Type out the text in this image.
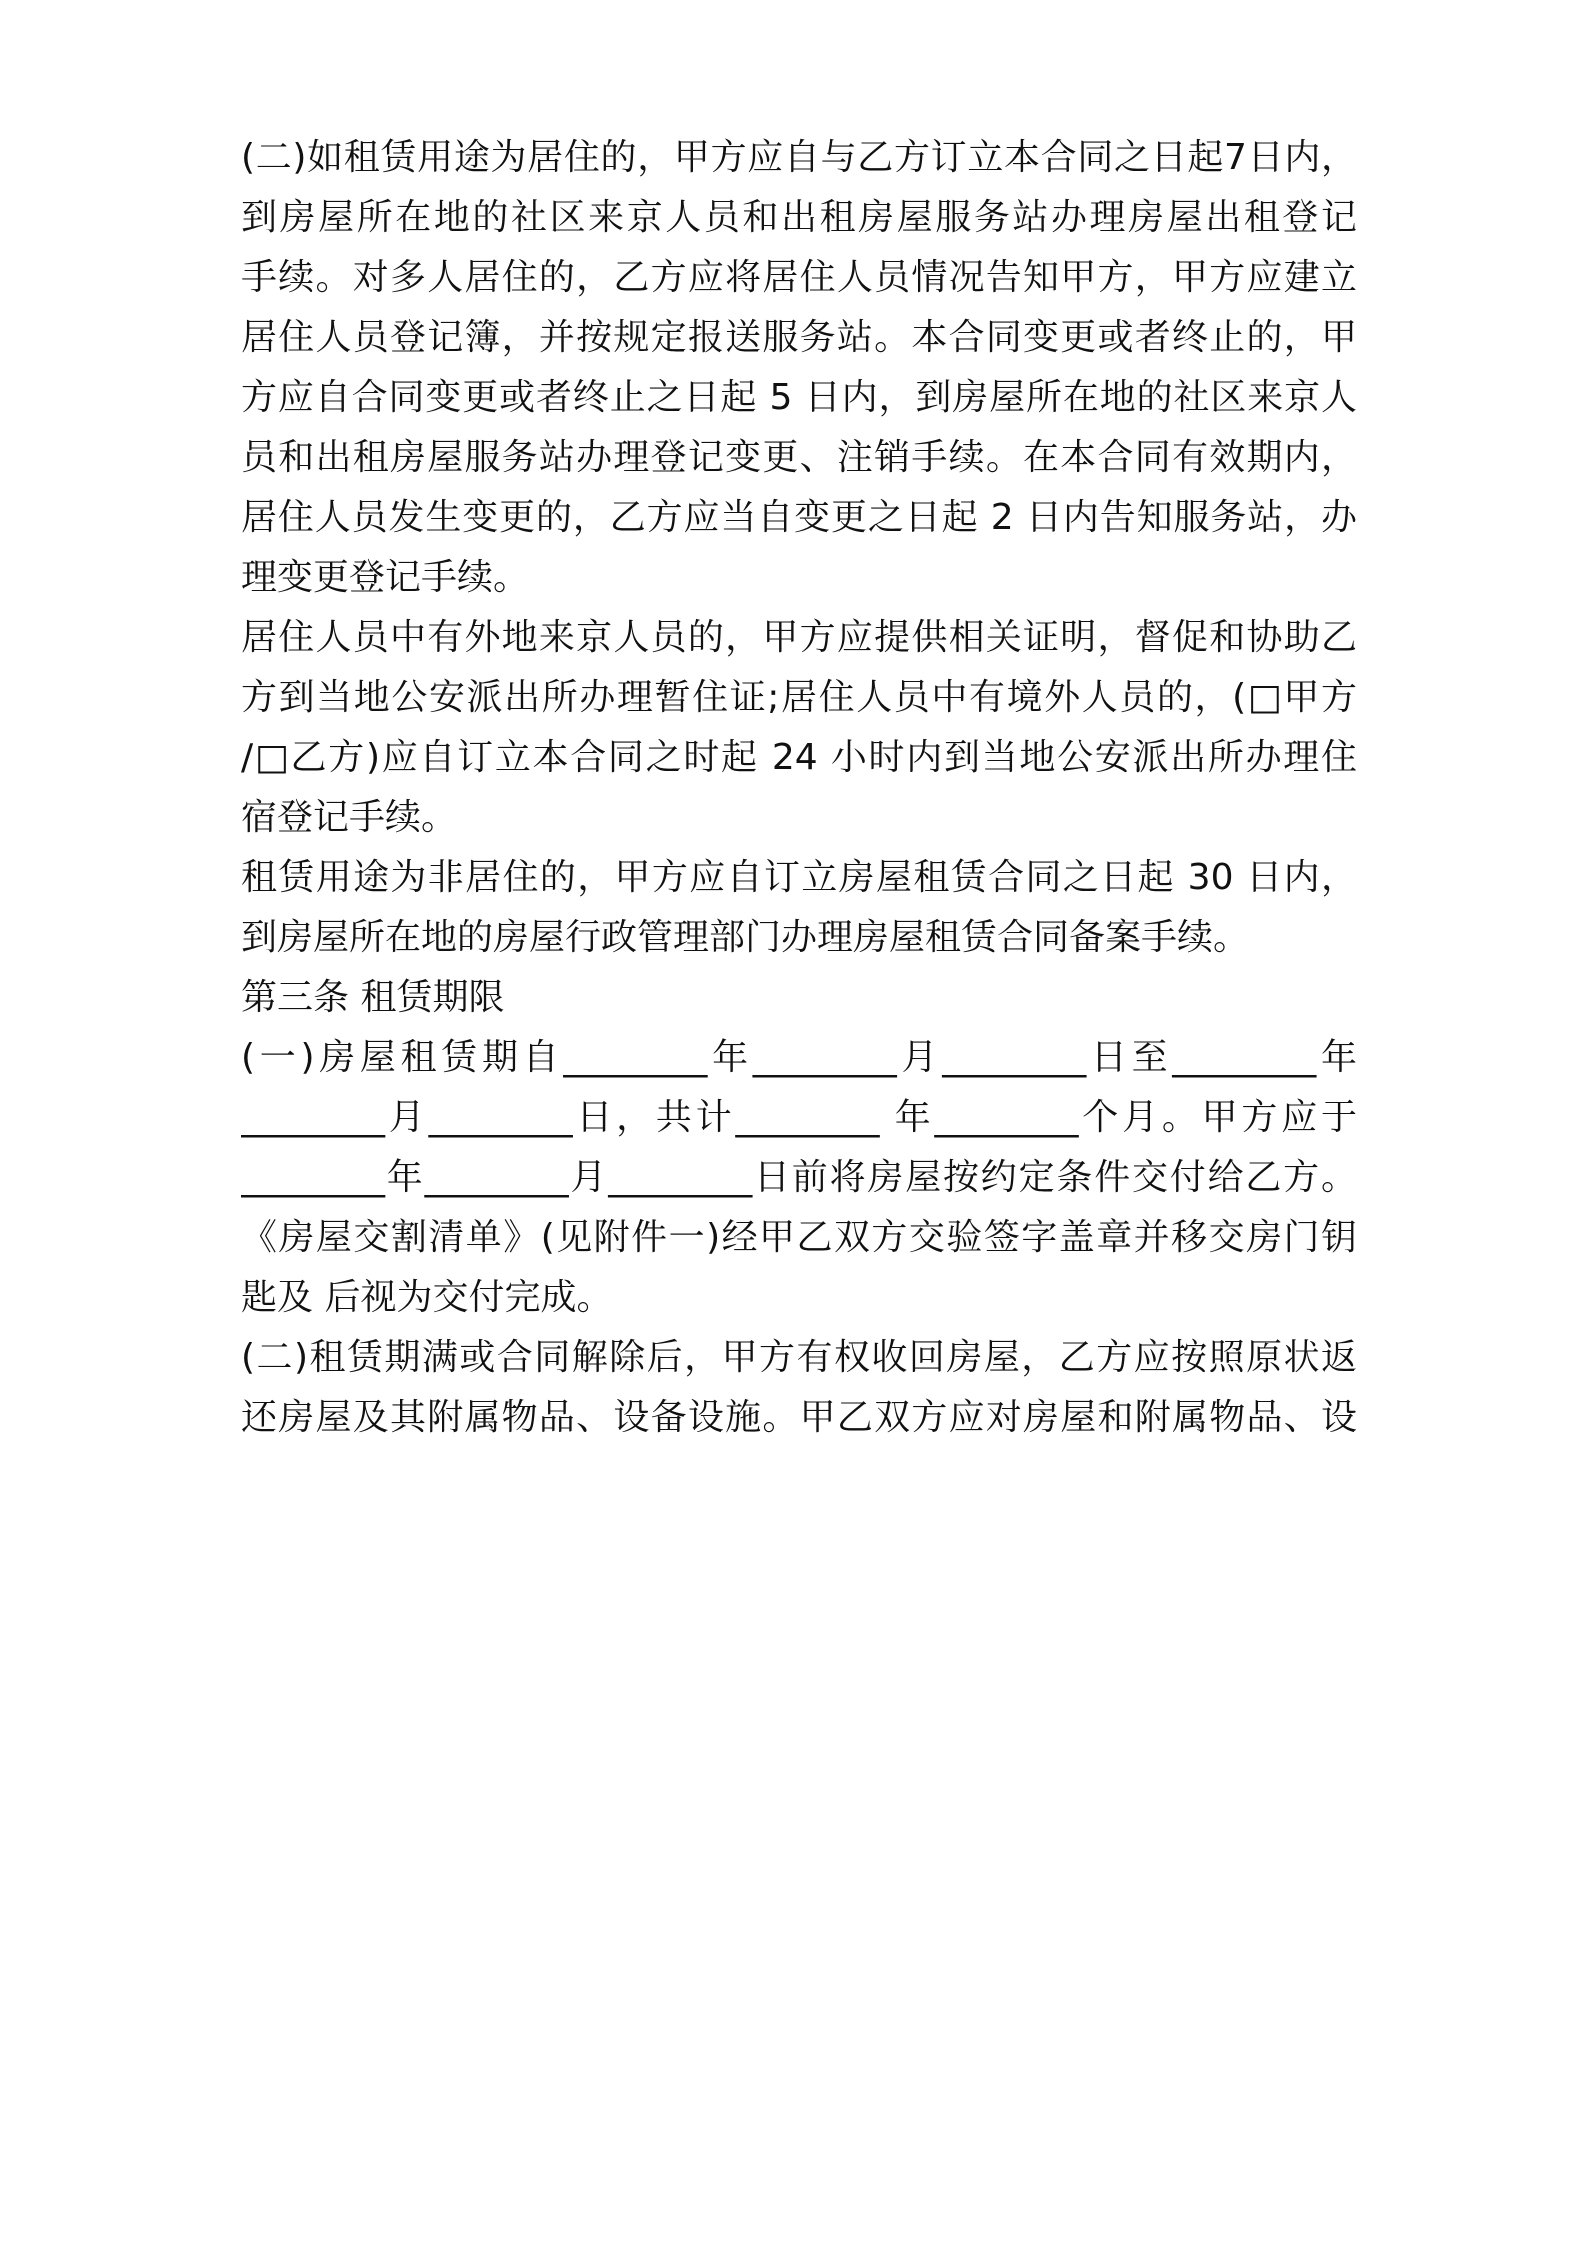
(二)如租赁用途为居住的，甲方应自与乙方订立本合同之日起7日内，
到房屋所在地的社区来京人员和出租房屋服务站办理房屋出租登记
手续。对多人居住的，乙方应将居住人员情况告知甲方，甲方应建立
居住人员登记簿，并按规定报送服务站。本合同变更或者终止的，甲
方应自合同变更或者终止之日起 5 日内，到房屋所在地的社区来京人
员和出租房屋服务站办理登记变更、注销手续。在本合同有效期内，
居住人员发生变更的，乙方应当自变更之日起 2 日内告知服务站，办
理变更登记手续。
居住人员中有外地来京人员的，甲方应提供相关证明，督促和协助乙
方到当地公安派出所办理暂住证;居住人员中有境外人员的，(□甲方
/□乙方)应自订立本合同之时起 24 小时内到当地公安派出所办理住
宿登记手续。
租赁用途为非居住的，甲方应自订立房屋租赁合同之日起 30 日内，
到房屋所在地的房屋行政管理部门办理房屋租赁合同备案手续。
第三条 租赁期限
(一)房屋租赁期自________年________月________日至________年
________月________日，共计________ 年________个月。甲方应于
________年________月________日前将房屋按约定条件交付给乙方。
《房屋交割清单》(见附件一)经甲乙双方交验签字盖章并移交房门钥
匙及 后视为交付完成。
(二)租赁期满或合同解除后，甲方有权收回房屋，乙方应按照原状返
还房屋及其附属物品、设备设施。甲乙双方应对房屋和附属物品、设
